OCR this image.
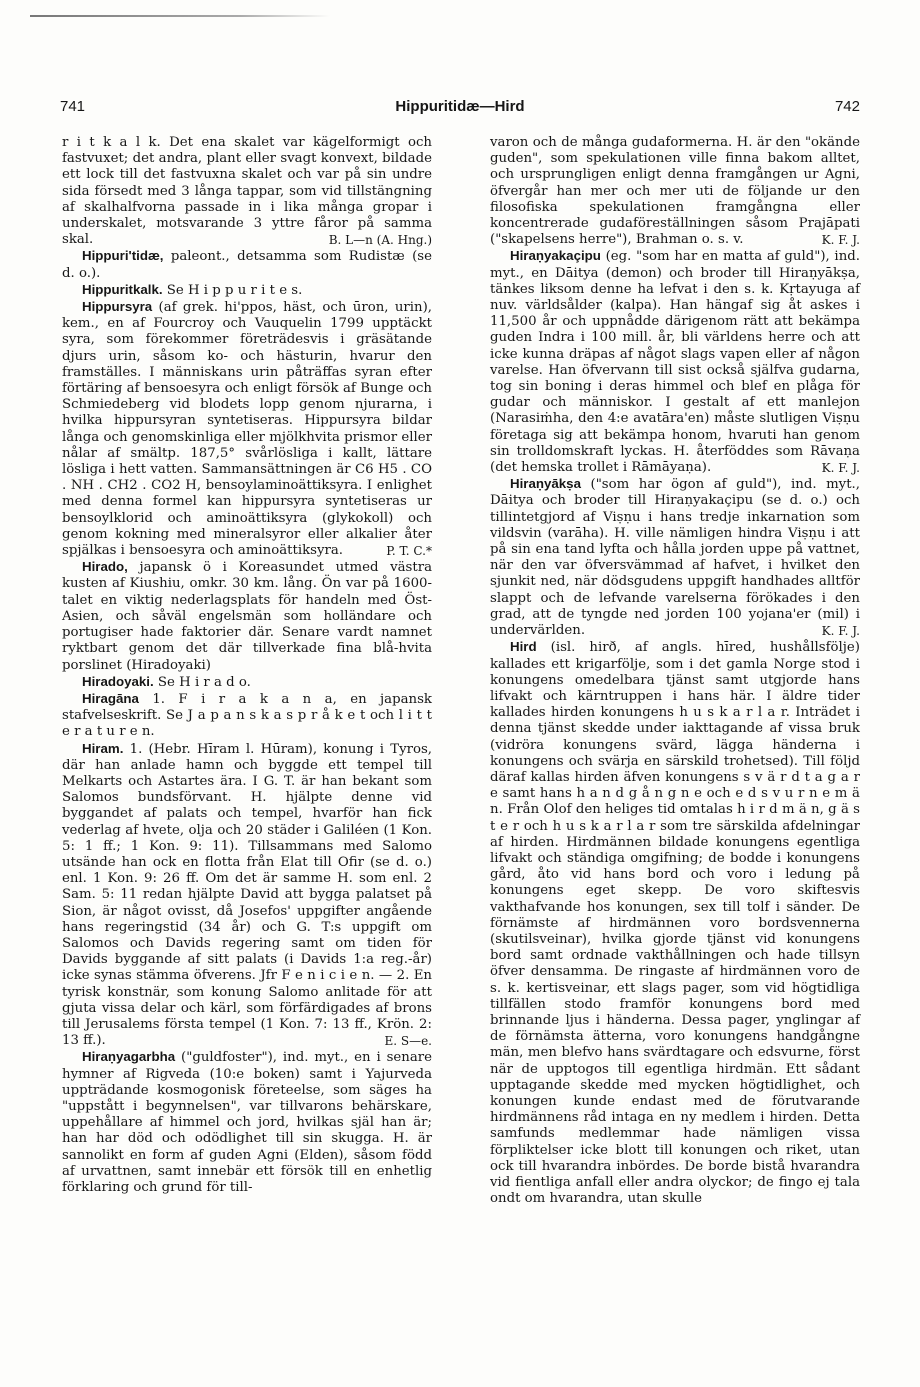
741	Hippuritidæ—Hird	742

r i t k a l k. Det ena skalet var kägelformigt och fastvuxet; det andra, plant eller svagt konvext, bildade ett lock till det fastvuxna skalet och var på sin undre sida försedt med 3 långa tappar, som vid tillstängning af skalhalfvorna passade in i lika många gropar i underskalet, motsvarande 3 yttre fåror på samma skal.	B. L—n (A. Hng.)

Hippuri'tidæ, paleont., detsamma som Rudistæ (se d. o.).

Hippuritkalk. Se H i p p u r i t e s.

Hippursyra (af grek. hi'ppos, häst, och ūron, urin), kem., en af Fourcroy och Vauquelin 1799 upptäckt syra, som förekommer företrädesvis i gräsätande djurs urin, såsom ko- och hästurin, hvarur den framställes. I människans urin påträffas syran efter förtäring af bensoesyra och enligt försök af Bunge och Schmiedeberg vid blodets lopp genom njurarna, i hvilka hippursyran syntetiseras. Hippursyra bildar långa och genomskinliga eller mjölkhvita prismor eller nålar af smältp. 187,5° svårlösliga i kallt, lättare lösliga i hett vatten. Sammansättningen är C6 H5 . CO . NH . CH2 . CO2 H, bensoylaminoättiksyra. I enlighet med denna formel kan hippursyra syntetiseras ur bensoylklorid och aminoättiksyra (glykokoll) och genom kokning med mineralsyror eller alkalier åter spjälkas i bensoesyra och aminoättiksyra.	P. T. C.*

Hirado, japansk ö i Koreasundet utmed västra kusten af Kiushiu, omkr. 30 km. lång. Ön var på 1600-talet en viktig nederlagsplats för handeln med Öst-Asien, och såväl engelsmän som holländare och portugiser hade faktorier där. Senare vardt namnet ryktbart genom det där tillverkade fina blå-hvita porslinet (Hiradoyaki)

Hiradoyaki. Se H i r a d o.

Hiragāna 1. F i r a k a n a, en japansk stafvelseskrift. Se J a p a n s k a s p r å k e t och l i t t e r a t u r e n.

Hiram. 1. (Hebr. Hīram l. Hūram), konung i Tyros, där han anlade hamn och byggde ett tempel till Melkarts och Astartes ära. I G. T. är han bekant som Salomos bundsförvant. H. hjälpte denne vid byggandet af palats och tempel, hvarför han fick vederlag af hvete, olja och 20 städer i Galiléen (1 Kon. 5: 1 ff.; 1 Kon. 9: 11). Tillsammans med Salomo utsände han ock en flotta från Elat till Ofir (se d. o.) enl. 1 Kon. 9: 26 ff. Om det är samme H. som enl. 2 Sam. 5: 11 redan hjälpte David att bygga palatset på Sion, är något ovisst, då Josefos' uppgifter angående hans regeringstid (34 år) och G. T:s uppgift om Salomos och Davids regering samt om tiden för Davids byggande af sitt palats (i Davids 1:a reg.-år) icke synas stämma öfverens. Jfr F e n i c i e n. — 2. En tyrisk konstnär, som konung Salomo anlitade för att gjuta vissa delar och kärl, som förfärdigades af brons till Jerusalems första tempel (1 Kon. 7: 13 ff., Krön. 2: 13 ff.).	E. S—e.

Hiraṇyagarbha ("guldfoster"), ind. myt., en i senare hymner af Rigveda (10:e boken) samt i Yajurveda uppträdande kosmogonisk företeelse, som säges ha "uppstått i begynnelsen", var tillvarons behärskare, uppehållare af himmel och jord, hvilkas själ han är; han har död och odödlighet till sin skugga. H. är sannolikt en form af guden Agni (Elden), såsom född af urvattnen, samt innebär ett försök till en enhetlig förklaring och grund för till-

varon och de många gudaformerna. H. är den "okände guden", som spekulationen ville finna bakom alltet, och ursprungligen enligt denna framgången ur Agni, öfvergår han mer och mer uti de följande ur den filosofiska spekulationen framgångna eller koncentrerade gudaföreställningen såsom Prajāpati ("skapelsens herre"), Brahman o. s. v.	K. F. J.

Hiraṇyakaçipu (eg. "som har en matta af guld"), ind. myt., en Dāitya (demon) och broder till Hiraṇyākṣa, tänkes liksom denne ha lefvat i den s. k. Kṛtayuga af nuv. världsålder (kalpa). Han hängaf sig åt askes i 11,500 år och uppnådde därigenom rätt att bekämpa guden Indra i 100 mill. år, bli världens herre och att icke kunna dräpas af något slags vapen eller af någon varelse. Han öfvervann till sist också själfva gudarna, tog sin boning i deras himmel och blef en plåga för gudar och människor. I gestalt af ett manlejon (Narasiṁha, den 4:e avatāra'en) måste slutligen Viṣṇu företaga sig att bekämpa honom, hvaruti han genom sin trolldomskraft lyckas. H. återföddes som Rāvaṇa (det hemska trollet i Rāmāyaṇa).	K. F. J.

Hiraṇyākṣa ("som har ögon af guld"), ind. myt., Dāitya och broder till Hiraṇyakaçipu (se d. o.) och tillintetgjord af Viṣṇu i hans tredje inkarnation som vildsvin (varāha). H. ville nämligen hindra Viṣṇu i att på sin ena tand lyfta och hålla jorden uppe på vattnet, när den var öfversvämmad af hafvet, i hvilket den sjunkit ned, när dödsgudens uppgift handhades alltför slappt och de lefvande varelserna förökades i den grad, att de tyngde ned jorden 100 yojana'er (mil) i undervärlden.	K. F. J.

Hird (isl. hirð, af angls. hīred, hushållsfölje) kallades ett krigarfölje, som i det gamla Norge stod i konungens omedelbara tjänst samt utgjorde hans lifvakt och kärntruppen i hans här. I äldre tider kallades hirden konungens h u s k a r l a r. Inträdet i denna tjänst skedde under iakttagande af vissa bruk (vidröra konungens svärd, lägga händerna i konungens och svärja en särskild trohetsed). Till följd däraf kallas hirden äfven konungens s v ä r d t a g a r e samt hans h a n d g å n g n e och e d s v u r n e m ä n. Från Olof den heliges tid omtalas h i r d m ä n, g ä s t e r och h u s k a r l a r som tre särskilda afdelningar af hirden. Hirdmännen bildade konungens egentliga lifvakt och ständiga omgifning; de bodde i konungens gård, åto vid hans bord och voro i ledung på konungens eget skepp. De voro skiftesvis vakthafvande hos konungen, sex till tolf i sänder. De förnämste af hirdmännen voro bordsvennerna (skutilsveinar), hvilka gjorde tjänst vid konungens bord samt ordnade vakthållningen och hade tillsyn öfver densamma. De ringaste af hirdmännen voro de s. k. kertisveinar, ett slags pager, som vid högtidliga tillfällen stodo framför konungens bord med brinnande ljus i händerna. Dessa pager, ynglingar af de förnämsta ätterna, voro konungens handgångne män, men blefvo hans svärdtagare och edsvurne, först när de upptogos till egentliga hirdmän. Ett sådant upptagande skedde med mycken högtidlighet, och konungen kunde endast med de förutvarande hirdmännens råd intaga en ny medlem i hirden. Detta samfunds medlemmar hade nämligen vissa förpliktelser icke blott till konungen och riket, utan ock till hvarandra inbördes. De borde bistå hvarandra vid fientliga anfall eller andra olyckor; de fingo ej tala ondt om hvarandra, utan skulle
